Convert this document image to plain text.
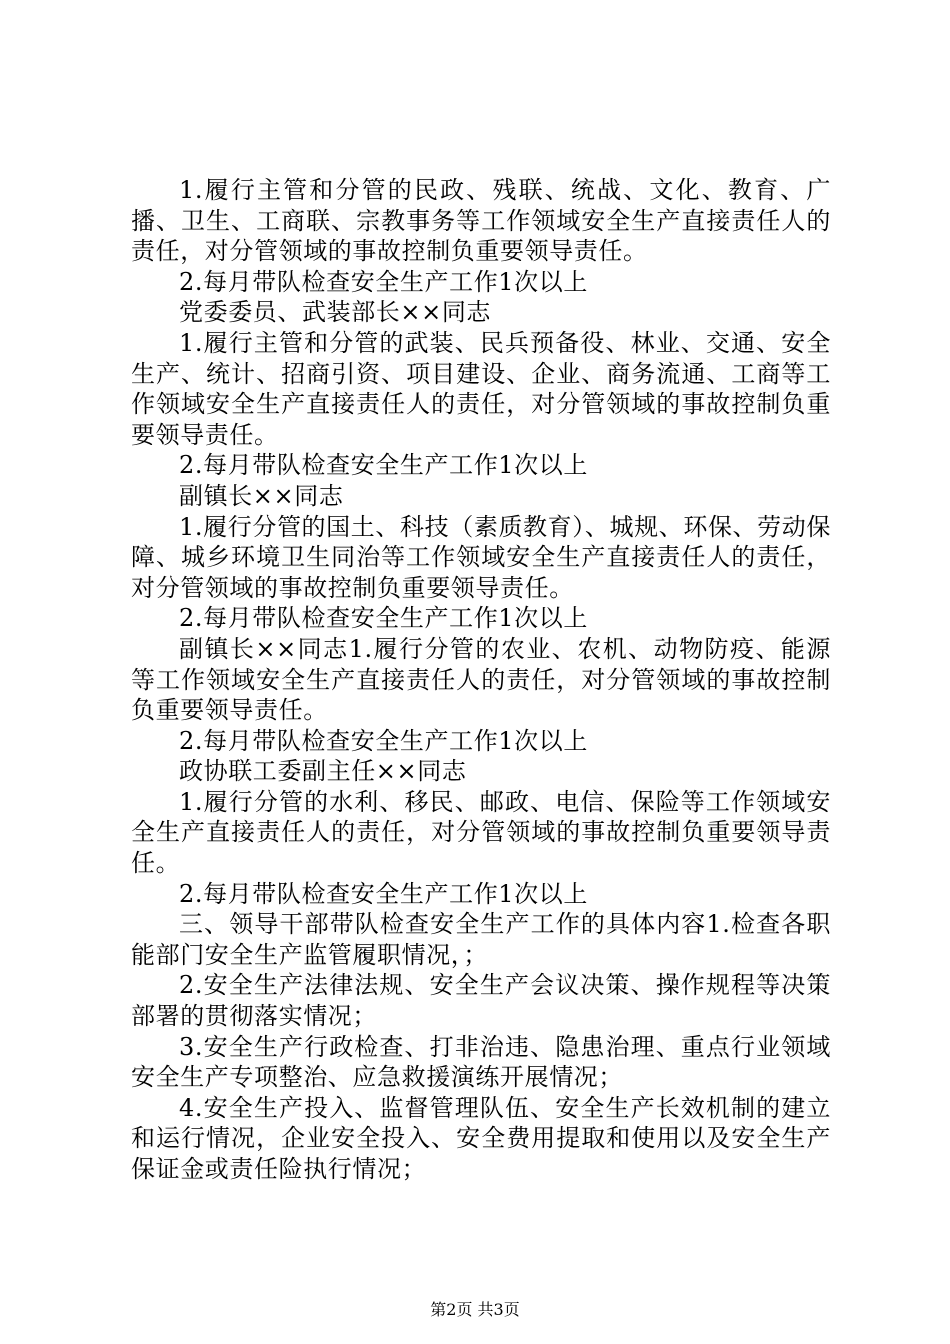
1.履行主管和分管的民政、残联、统战、文化、教育、广播、卫生、工商联、宗教事务等工作领域安全生产直接责任人的责任，对分管领域的事故控制负重要领导责任。

2.每月带队检查安全生产工作1次以上

党委委员、武装部长××同志

1.履行主管和分管的武装、民兵预备役、林业、交通、安全生产、统计、招商引资、项目建设、企业、商务流通、工商等工作领域安全生产直接责任人的责任，对分管领域的事故控制负重要领导责任。

2.每月带队检查安全生产工作1次以上

副镇长××同志

1.履行分管的国土、科技（素质教育）、城规、环保、劳动保障、城乡环境卫生同治等工作领域安全生产直接责任人的责任，对分管领域的事故控制负重要领导责任。

2.每月带队检查安全生产工作1次以上

副镇长××同志1.履行分管的农业、农机、动物防疫、能源等工作领域安全生产直接责任人的责任，对分管领域的事故控制负重要领导责任。

2.每月带队检查安全生产工作1次以上

政协联工委副主任××同志

1.履行分管的水利、移民、邮政、电信、保险等工作领域安全生产直接责任人的责任，对分管领域的事故控制负重要领导责任。

2.每月带队检查安全生产工作1次以上

三、领导干部带队检查安全生产工作的具体内容1.检查各职能部门安全生产监管履职情况，；

2.安全生产法律法规、安全生产会议决策、操作规程等决策部署的贯彻落实情况；

3.安全生产行政检查、打非治违、隐患治理、重点行业领域安全生产专项整治、应急救援演练开展情况；

4.安全生产投入、监督管理队伍、安全生产长效机制的建立和运行情况，企业安全投入、安全费用提取和使用以及安全生产保证金或责任险执行情况；

第2页 共3页
